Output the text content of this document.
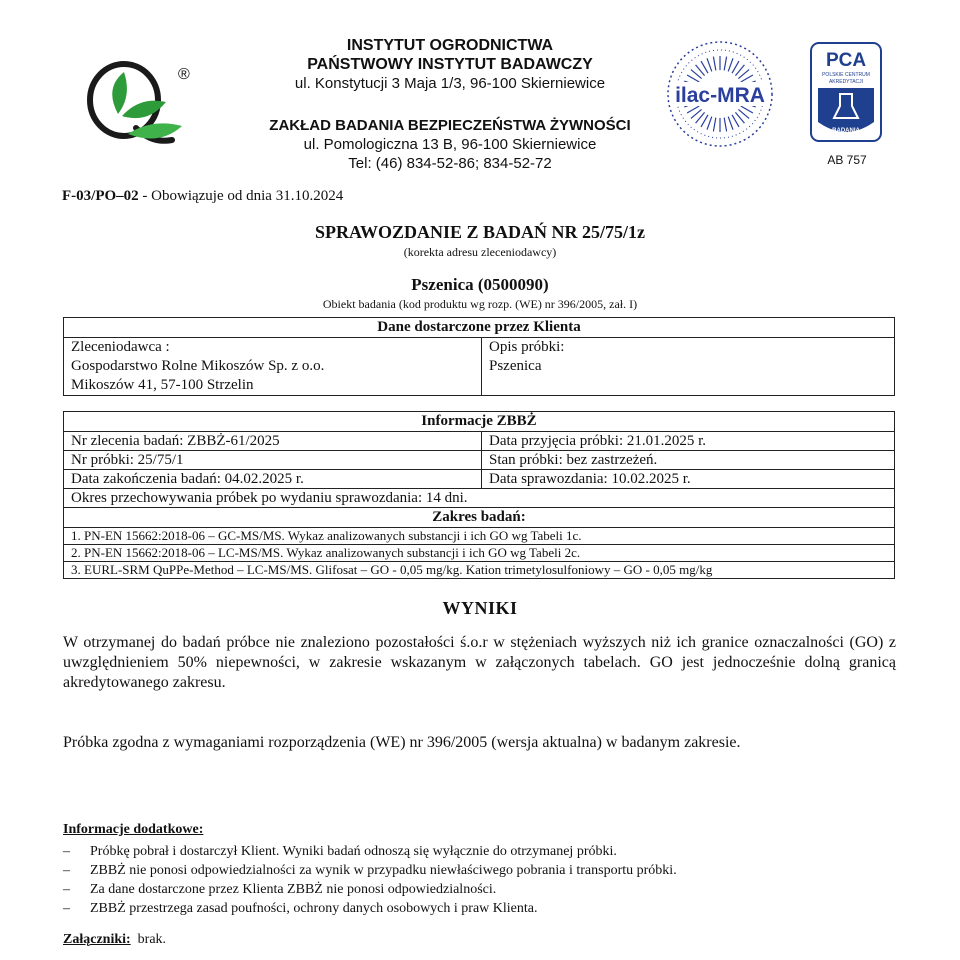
®
INSTYTUT OGRODNICTWA
PAŃSTWOWY INSTYTUT BADAWCZY
ul. Konstytucji 3 Maja 1/3, 96-100 Skierniewice
ZAKŁAD BADANIA BEZPIECZEŃSTWA ŻYWNOŚCI
ul. Pomologiczna 13 B, 96-100 Skierniewice
Tel: (46) 834-52-86; 834-52-72
ilac-MRA
PCA
POLSKIE CENTRUM
AKREDYTACJI
BADANIA
AB 757
F-03/PO–02 - Obowiązuje od dnia 31.10.2024
SPRAWOZDANIE Z BADAŃ NR 25/75/1z
(korekta adresu zleceniodawcy)
Pszenica (0500090)
Obiekt badania (kod produktu wg rozp. (WE) nr 396/2005, zał. I)
Dane dostarczone przez Klienta

Zleceniodawca :
Gospodarstwo Rolne Mikoszów Sp. z o.o.
Mikoszów 41, 57-100 Strzelin

Opis próbki:
Pszenica
Informacje ZBBŻ	
Nr zlecenia badań: ZBBŻ-61/2025	Data przyjęcia próbki: 21.01.2025 r.
Nr próbki: 25/75/1	Stan próbki: bez zastrzeżeń.
Data zakończenia badań: 04.02.2025 r.	Data sprawozdania: 10.02.2025 r.
Okres przechowywania próbek po wydaniu sprawozdania: 14 dni.	
Zakres badań:	
1. PN-EN 15662:2018-06 – GC-MS/MS. Wykaz analizowanych substancji i ich GO wg Tabeli 1c.	
2. PN-EN 15662:2018-06 – LC-MS/MS. Wykaz analizowanych substancji i ich GO wg Tabeli 2c.	
3. EURL-SRM QuPPe-Method – LC-MS/MS. Glifosat – GO - 0,05 mg/kg. Kation trimetylosulfoniowy – GO - 0,05 mg/kg	
WYNIKI
W otrzymanej do badań próbce nie znaleziono pozostałości ś.o.r w stężeniach wyższych niż ich granice oznaczalności (GO) z uwzględnieniem 50% niepewności, w zakresie wskazanym w załączonych tabelach. GO jest jednocześnie dolną granicą akredytowanego zakresu.
Próbka zgodna z wymaganiami rozporządzenia (WE) nr 396/2005 (wersja aktualna) w badanym zakresie.
Informacje dodatkowe:
–	Próbkę pobrał i dostarczył Klient. Wyniki badań odnoszą się wyłącznie do otrzymanej próbki.
–	ZBBŻ nie ponosi odpowiedzialności za wynik w przypadku niewłaściwego pobrania i transportu próbki.
–	Za dane dostarczone przez Klienta ZBBŻ nie ponosi odpowiedzialności.
–	ZBBŻ przestrzega zasad poufności, ochrony danych osobowych i praw Klienta.
Załączniki: brak.
